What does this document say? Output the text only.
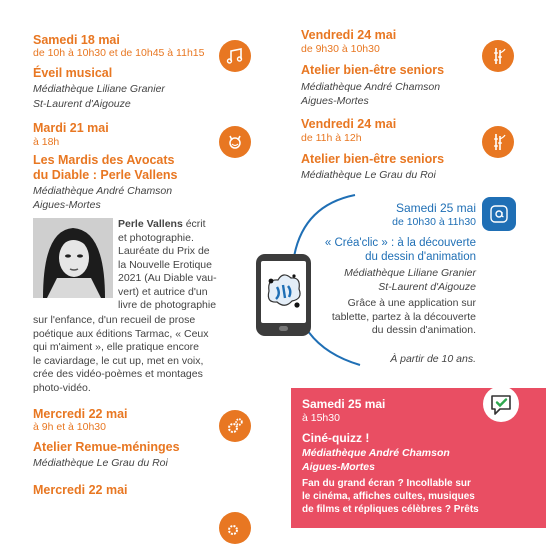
Samedi 18 mai
de 10h à 10h30 et de 10h45 à 11h15
Éveil musical
Médiathèque Liliane Granier
St-Laurent d'Aigouze
Mardi 21 mai
à 18h
Les Mardis des Avocats
du Diable : Perle Vallens
Médiathèque André Chamson
Aigues-Mortes
Perle Vallens écrit
et photographie.
Lauréate du Prix de
la Nouvelle Erotique
2021 (Au Diable vau-
vert) et autrice d'un
livre de photographie
sur l'enfance, d'un recueil de prose
poétique aux éditions Tarmac, « Ceux
qui m'aiment », elle pratique encore
le caviardage, le cut up, met en voix,
crée des vidéo-poèmes et montages
photo-vidéo.
Mercredi 22 mai
à 9h et à 10h30
Atelier Remue-méninges
Médiathèque Le Grau du Roi
Mercredi 22 mai
Vendredi 24 mai
de 9h30 à 10h30
Atelier bien-être seniors
Médiathèque André Chamson
Aigues-Mortes
Vendredi 24 mai
de 11h à 12h
Atelier bien-être seniors
Médiathèque Le Grau du Roi
Samedi 25 mai
de 10h30 à 11h30
« Créa'clic » : à la découverte
du dessin d'animation
Médiathèque Liliane Granier
St-Laurent d'Aigouze
Grâce à une application sur
tablette, partez à la découverte
du dessin d'animation.
À partir de 10 ans.
Samedi 25 mai
à 15h30
Ciné-quizz !
Médiathèque André Chamson
Aigues-Mortes
Fan du grand écran ? Incollable sur
le cinéma, affiches cultes, musiques
de films et répliques célèbres ? Prêts
